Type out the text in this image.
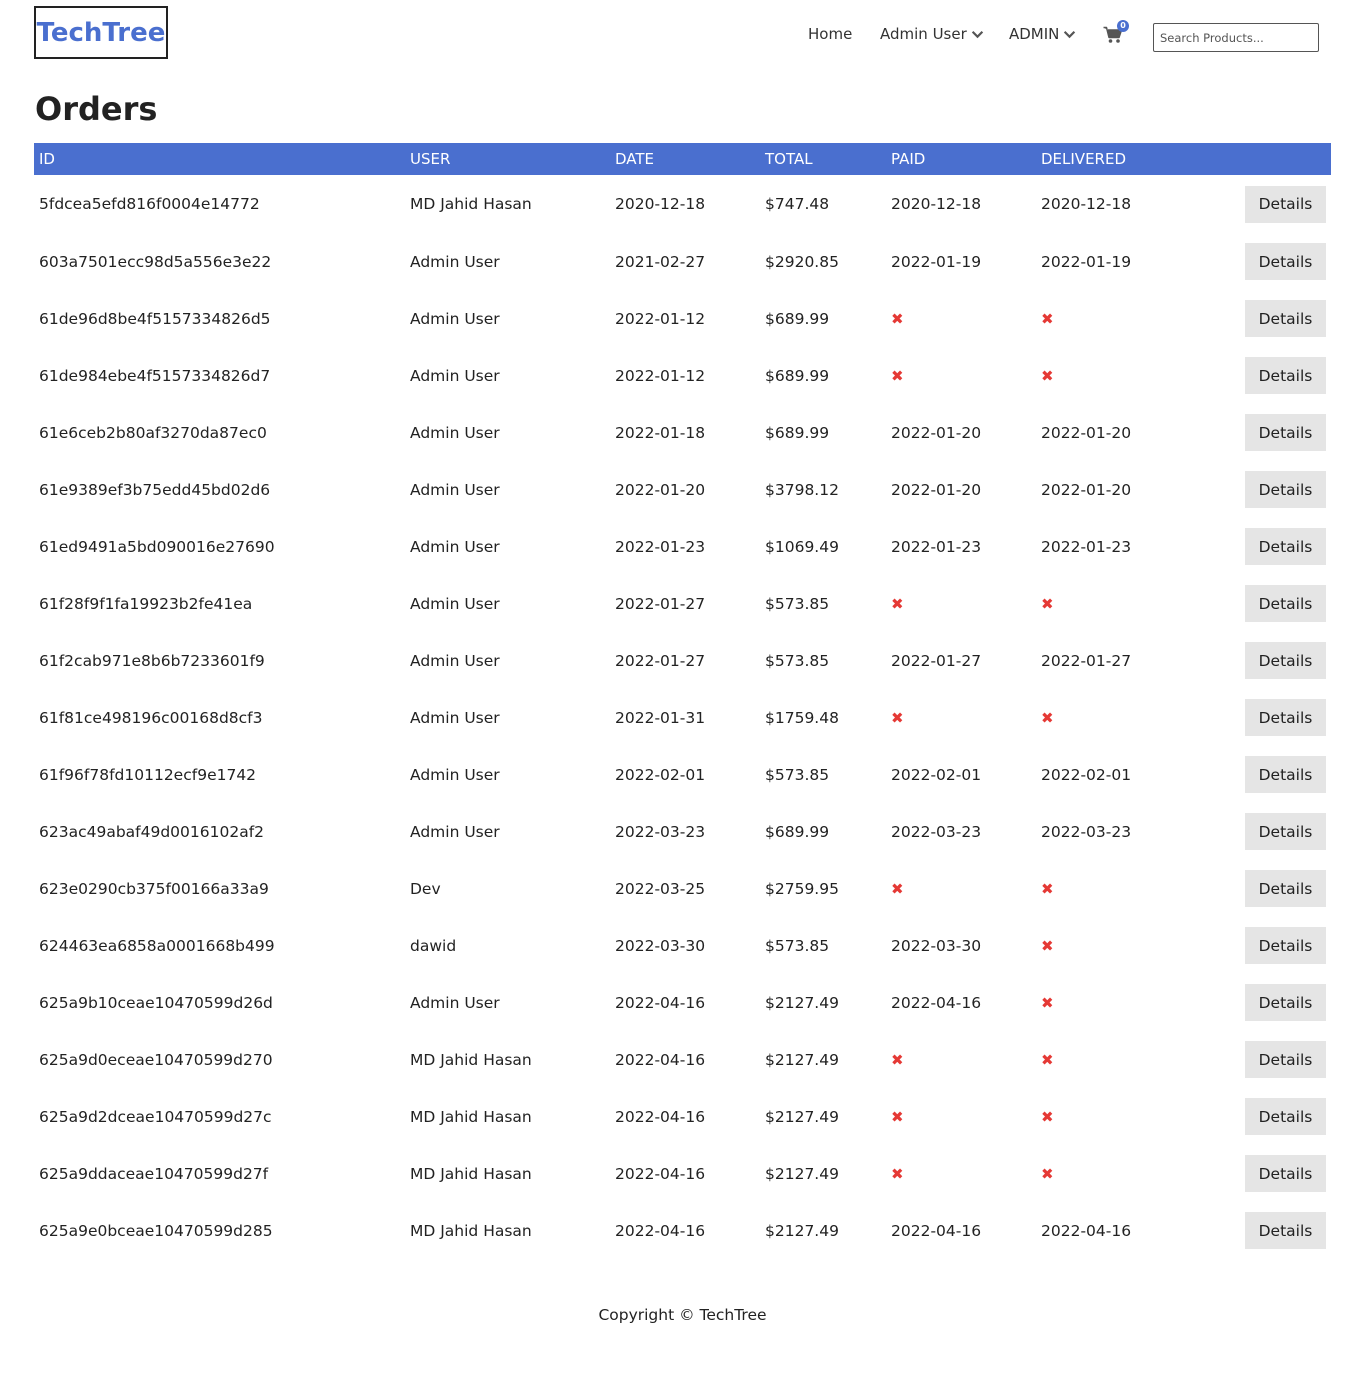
TechTree	Home Admin User	ADMIN	0
Search Products...
Orders
ID	USER	DATE	TOTAL	PAID	DELIVERED	
5fdcea5efd816f0004e14772	MD Jahid Hasan	2020-12-18	$747.48	2020-12-18	2020-12-18	Details

603a7501ecc98d5a556e3e22	Admin User	2021-02-27	$2920.85	2022-01-19	2022-01-19	Details

61de96d8be4f5157334826d5	Admin User	2022-01-12	$689.99	✖	✖	Details

61de984ebe4f5157334826d7	Admin User	2022-01-12	$689.99	✖	✖	Details

61e6ceb2b80af3270da87ec0	Admin User	2022-01-18	$689.99	2022-01-20	2022-01-20	Details

61e9389ef3b75edd45bd02d6	Admin User	2022-01-20	$3798.12	2022-01-20	2022-01-20	Details

61ed9491a5bd090016e27690	Admin User	2022-01-23	$1069.49	2022-01-23	2022-01-23	Details

61f28f9f1fa19923b2fe41ea	Admin User	2022-01-27	$573.85	✖	✖	Details

61f2cab971e8b6b7233601f9	Admin User	2022-01-27	$573.85	2022-01-27	2022-01-27	Details

61f81ce498196c00168d8cf3	Admin User	2022-01-31	$1759.48	✖	✖	Details

61f96f78fd10112ecf9e1742	Admin User	2022-02-01	$573.85	2022-02-01	2022-02-01	Details

623ac49abaf49d0016102af2	Admin User	2022-03-23	$689.99	2022-03-23	2022-03-23	Details

623e0290cb375f00166a33a9	Dev	2022-03-25	$2759.95	✖	✖	Details

624463ea6858a0001668b499	dawid	2022-03-30	$573.85	2022-03-30	✖	Details

625a9b10ceae10470599d26d	Admin User	2022-04-16	$2127.49	2022-04-16	✖	Details

625a9d0eceae10470599d270	MD Jahid Hasan	2022-04-16	$2127.49	✖	✖	Details

625a9d2dceae10470599d27c	MD Jahid Hasan	2022-04-16	$2127.49	✖	✖	Details

625a9ddaceae10470599d27f	MD Jahid Hasan	2022-04-16	$2127.49	✖	✖	Details

625a9e0bceae10470599d285	MD Jahid Hasan	2022-04-16	$2127.49	2022-04-16	2022-04-16	Details
Copyright © TechTree
